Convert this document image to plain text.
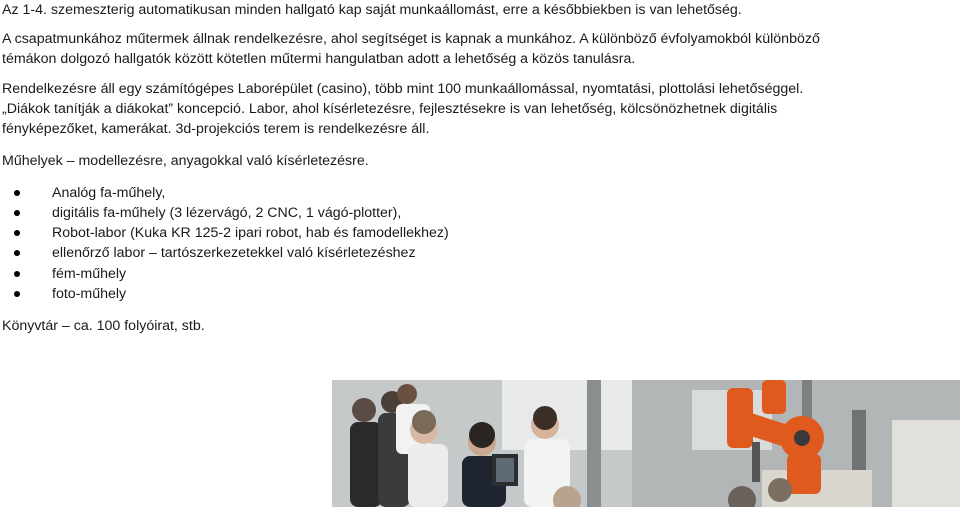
Az 1-4. szemeszterig automatikusan minden hallgató kap saját munkaállomást, erre a későbbiekben is van lehetőség.
A csapatmunkához műtermek állnak rendelkezésre, ahol segítséget is kapnak a munkához. A különböző évfolyamokból különböző
témákon dolgozó hallgatók között kötetlen műtermi hangulatban adott a lehetőség a közös tanulásra.
Rendelkezésre áll egy számítógépes Laborépület (casino), több mint 100 munkaállomással, nyomtatási, plottolási lehetőséggel.
„Diákok tanítják a diákokat” koncepció. Labor, ahol kísérletezésre, fejlesztésekre is van lehetőség, kölcsönözhetnek digitális
fényképezőket, kamerákat. 3d-projekciós terem is rendelkezésre áll.
Műhelyek – modellezésre, anyagokkal való kísérletezésre.
Analóg fa-műhely,
digitális fa-műhely (3 lézervágó, 2 CNC, 1 vágó-plotter),
Robot-labor (Kuka KR 125-2 ipari robot, hab és famodellekhez)
ellenőrző labor – tartószerkezetekkel való kísérletezéshez
fém-műhely
foto-műhely
Könyvtár – ca. 100 folyóirat, stb.
